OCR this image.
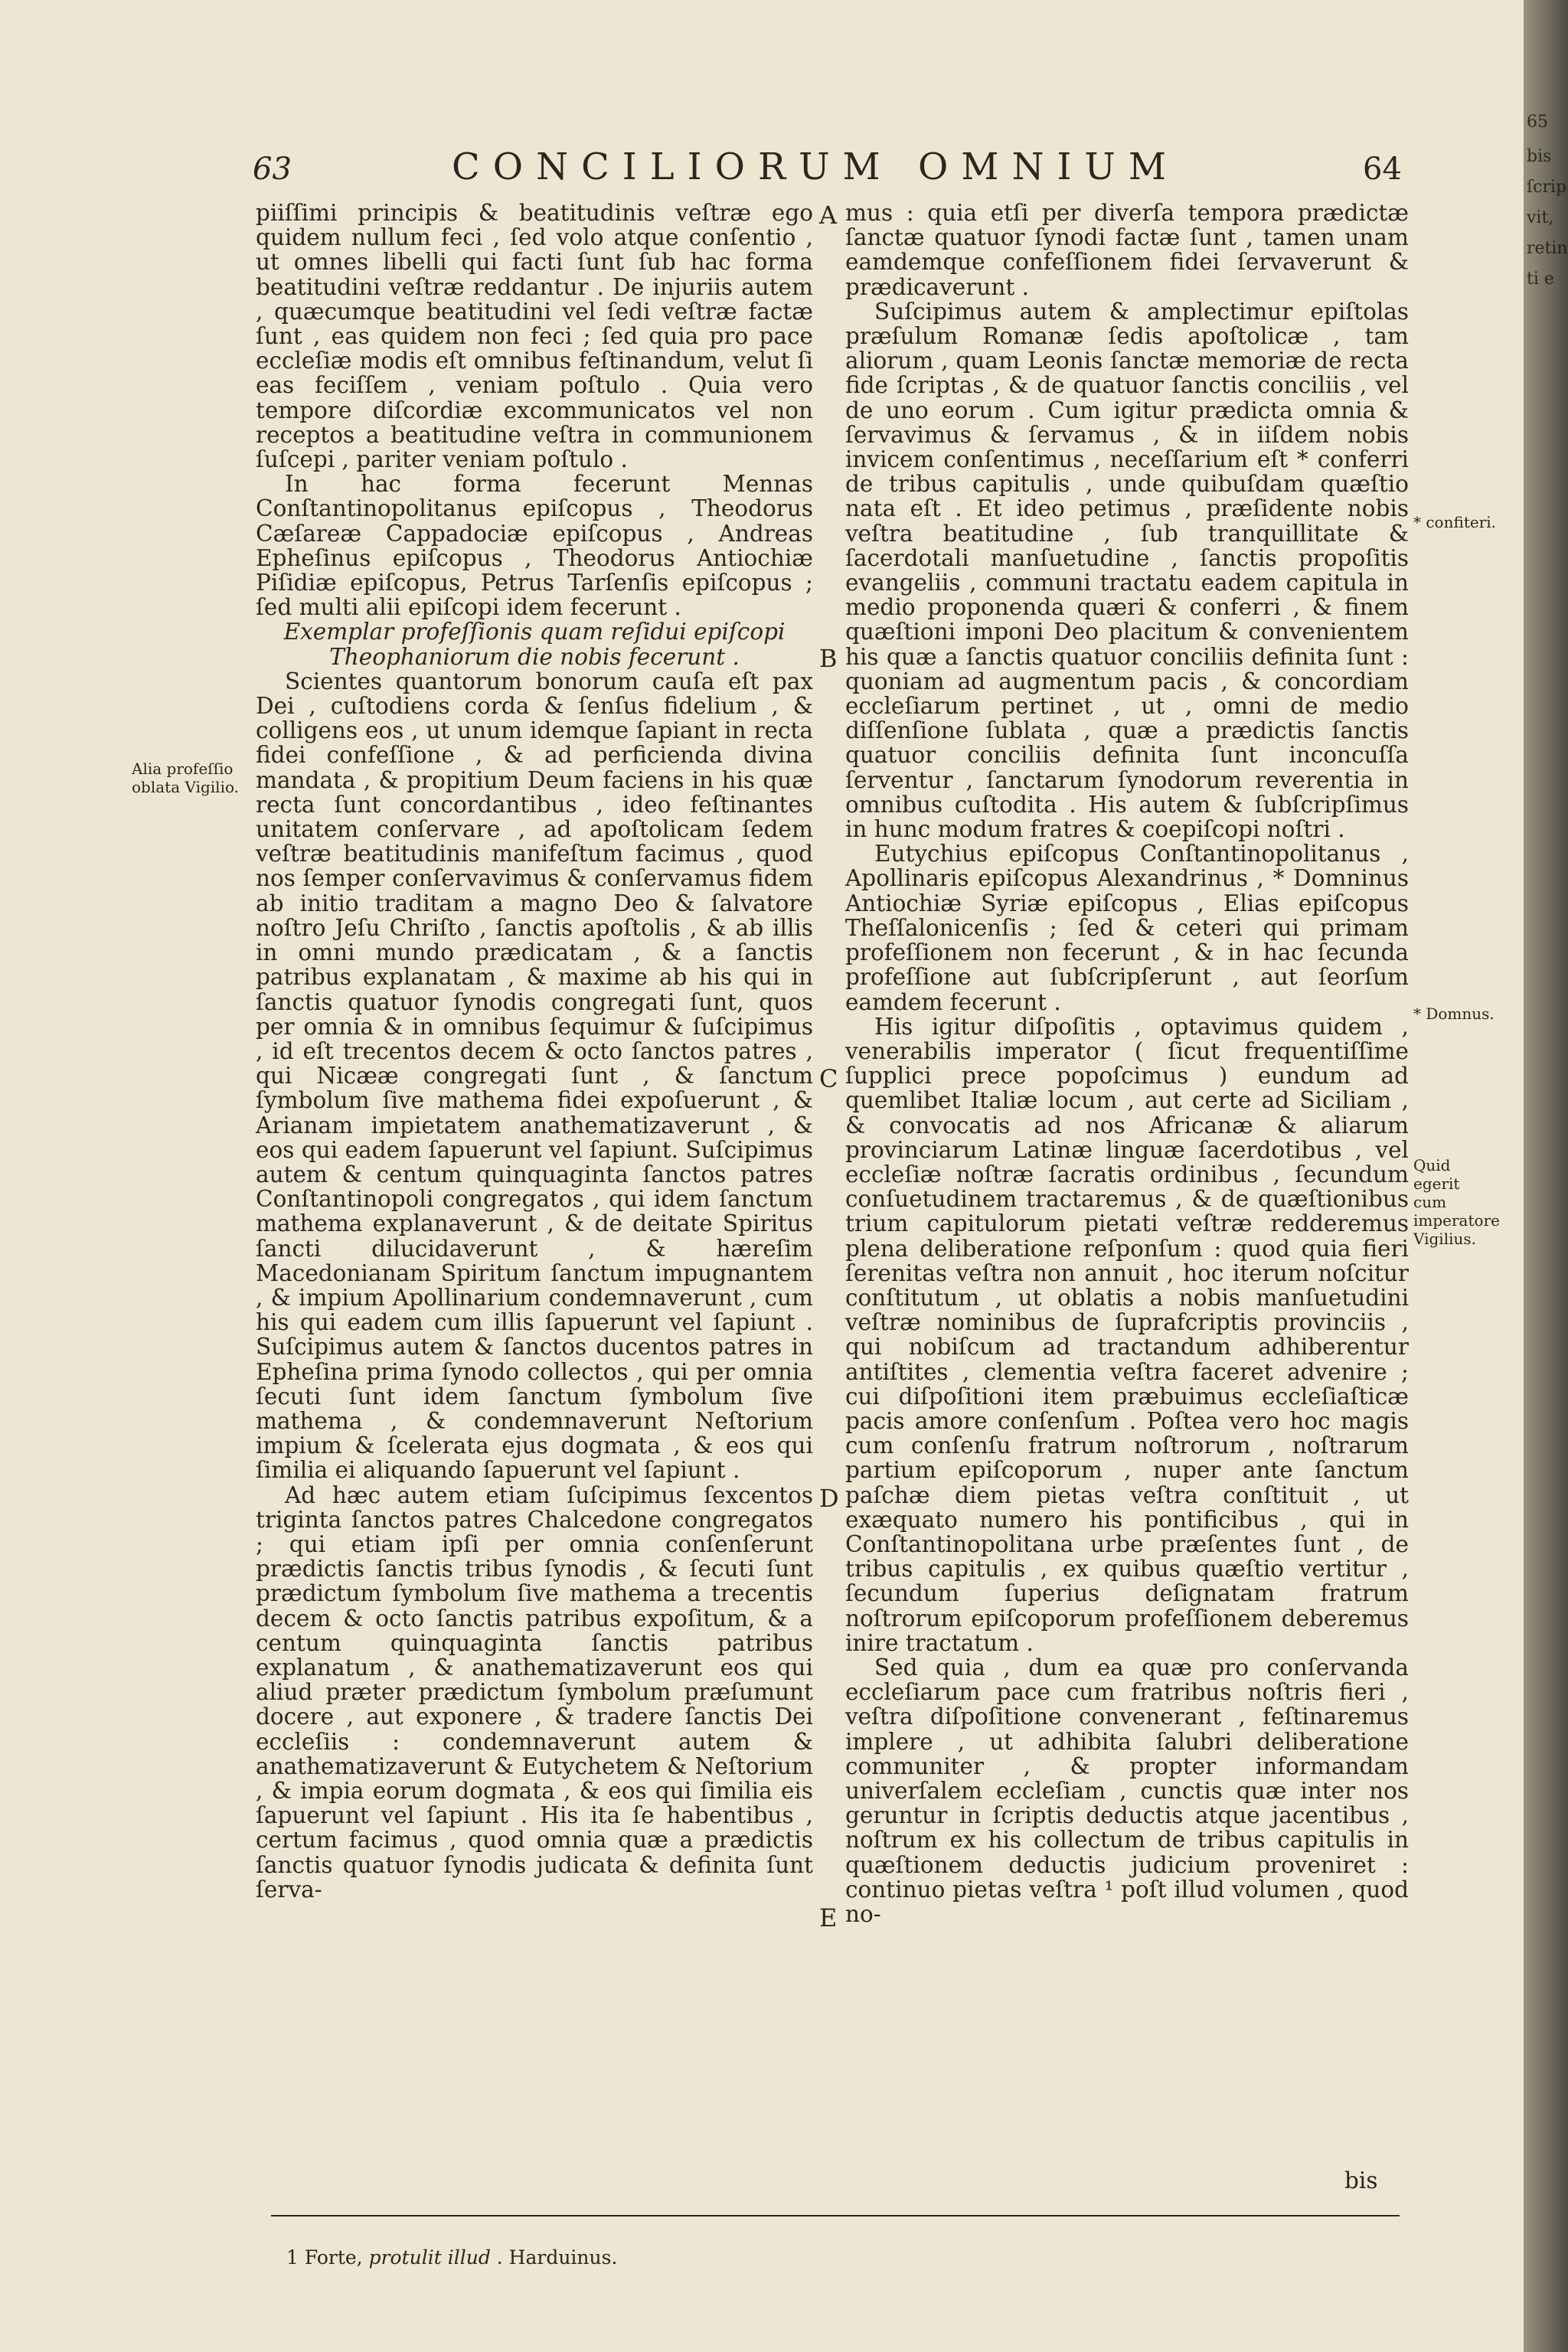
63	CONCILIORUM OMNIUM	64

piiſſimi principis & beatitudinis veſtræ ego quidem nullum feci , ſed volo atque conſentio , ut omnes libelli qui facti ſunt ſub hac forma beatitudini veſtræ reddantur . De injuriis autem , quæcumque beatitudini vel ſedi veſtræ factæ ſunt , eas quidem non feci ; ſed quia pro pace eccleſiæ modis eſt omnibus feſtinandum, velut ſi eas feciſſem , veniam poſtulo . Quia vero tempore diſcordiæ excommunicatos vel non receptos a beatitudine veſtra in communionem ſuſcepi , pariter veniam poſtulo .

In hac forma fecerunt Mennas Conſtantinopolitanus epiſcopus , Theodorus Cæſareæ Cappadociæ epiſcopus , Andreas Epheſinus epiſcopus , Theodorus Antiochiæ Piſidiæ epiſcopus, Petrus Tarſenſis epiſcopus ; ſed multi alii epiſcopi idem fecerunt .

Exemplar profeſſionis quam reſidui epiſcopi Theophaniorum die nobis fecerunt .

Scientes quantorum bonorum cauſa eſt pax Dei , cuſtodiens corda & ſenſus fidelium , & colligens eos , ut unum idemque ſapiant in recta fidei confeſſione , & ad perficienda divina mandata , & propitium Deum faciens in his quæ recta ſunt concordantibus , ideo feſtinantes unitatem conſervare , ad apoſtolicam ſedem veſtræ beatitudinis manifeſtum facimus , quod nos ſemper conſervavimus & conſervamus fidem ab initio traditam a magno Deo & ſalvatore noſtro Jeſu Chriſto , ſanctis apoſtolis , & ab illis in omni mundo prædicatam , & a ſanctis patribus explanatam , & maxime ab his qui in ſanctis quatuor ſynodis congregati ſunt, quos per omnia & in omnibus ſequimur & ſuſcipimus , id eſt trecentos decem & octo ſanctos patres , qui Nicææ congregati ſunt , & ſanctum ſymbolum ſive mathema fidei expoſuerunt , & Arianam impietatem anathematizaverunt , & eos qui eadem ſapuerunt vel ſapiunt. Suſcipimus autem & centum quinquaginta ſanctos patres Conſtantinopoli congregatos , qui idem ſanctum mathema explanaverunt , & de deitate Spiritus ſancti dilucidaverunt , & hæreſim Macedonianam Spiritum ſanctum impugnantem , & impium Apollinarium condemnaverunt , cum his qui eadem cum illis ſapuerunt vel ſapiunt . Suſcipimus autem & ſanctos ducentos patres in Epheſina prima ſynodo collectos , qui per omnia ſecuti ſunt idem ſanctum ſymbolum ſive mathema , & condemnaverunt Neſtorium impium & ſcelerata ejus dogmata , & eos qui ſimilia ei aliquando ſapuerunt vel ſapiunt .

Ad hæc autem etiam ſuſcipimus ſexcentos triginta ſanctos patres Chalcedone congregatos ; qui etiam ipſi per omnia conſenſerunt prædictis ſanctis tribus ſynodis , & ſecuti ſunt prædictum ſymbolum ſive mathema a trecentis decem & octo ſanctis patribus expoſitum, & a centum quinquaginta ſanctis patribus explanatum , & anathematizaverunt eos qui aliud præter prædictum ſymbolum præſumunt docere , aut exponere , & tradere ſanctis Dei eccleſiis : condemnaverunt autem & anathematizaverunt & Eutychetem & Neſtorium , & impia eorum dogmata , & eos qui ſimilia eis ſapuerunt vel ſapiunt . His ita ſe habentibus , certum facimus , quod omnia quæ a prædictis ſanctis quatuor ſynodis judicata & definita ſunt ſerva-

mus : quia etſi per diverſa tempora prædictæ ſanctæ quatuor ſynodi factæ ſunt , tamen unam eamdemque confeſſionem fidei ſervaverunt & prædicaverunt .

Suſcipimus autem & amplectimur epiſtolas præſulum Romanæ ſedis apoſtolicæ , tam aliorum , quam Leonis ſanctæ memoriæ de recta fide ſcriptas , & de quatuor ſanctis conciliis , vel de uno eorum . Cum igitur prædicta omnia & ſervavimus & ſervamus , & in iiſdem nobis invicem conſentimus , neceſſarium eſt * conferri de tribus capitulis , unde quibuſdam quæſtio nata eſt . Et ideo petimus , præſidente nobis veſtra beatitudine , ſub tranquillitate & ſacerdotali manſuetudine , ſanctis propoſitis evangeliis , communi tractatu eadem capitula in medio proponenda quæri & conferri , & finem quæſtioni imponi Deo placitum & convenientem his quæ a ſanctis quatuor conciliis definita ſunt : quoniam ad augmentum pacis , & concordiam eccleſiarum pertinet , ut , omni de medio diſſenſione ſublata , quæ a prædictis ſanctis quatuor conciliis definita ſunt inconcuſſa ſerventur , ſanctarum ſynodorum reverentia in omnibus cuſtodita . His autem & ſubſcripſimus in hunc modum fratres & coepiſcopi noſtri .

Eutychius epiſcopus Conſtantinopolitanus , Apollinaris epiſcopus Alexandrinus , * Domninus Antiochiæ Syriæ epiſcopus , Elias epiſcopus Theſſalonicenſis ; ſed & ceteri qui primam profeſſionem non fecerunt , & in hac ſecunda profeſſione aut ſubſcripſerunt , aut ſeorſum eamdem fecerunt .

His igitur diſpoſitis , optavimus quidem , venerabilis imperator ( ſicut frequentiſſime ſupplici prece popoſcimus ) eundum ad quemlibet Italiæ locum , aut certe ad Siciliam , & convocatis ad nos Africanæ & aliarum provinciarum Latinæ linguæ ſacerdotibus , vel eccleſiæ noſtræ ſacratis ordinibus , ſecundum conſuetudinem tractaremus , & de quæſtionibus trium capitulorum pietati veſtræ redderemus plena deliberatione reſponſum : quod quia fieri ſerenitas veſtra non annuit , hoc iterum noſcitur conſtitutum , ut oblatis a nobis manſuetudini veſtræ nominibus de ſuprafcriptis provinciis , qui nobiſcum ad tractandum adhiberentur antiſtites , clementia veſtra faceret advenire ; cui diſpoſitioni item præbuimus eccleſiaſticæ pacis amore conſenſum . Poſtea vero hoc magis cum conſenſu fratrum noſtrorum , noſtrarum partium epiſcoporum , nuper ante ſanctum paſchæ diem pietas veſtra conſtituit , ut exæquato numero his pontificibus , qui in Conſtantinopolitana urbe præſentes ſunt , de tribus capitulis , ex quibus quæſtio vertitur , ſecundum ſuperius deſignatam fratrum noſtrorum epiſcoporum profeſſionem deberemus inire tractatum .

Sed quia , dum ea quæ pro conſervanda eccleſiarum pace cum fratribus noſtris fieri , veſtra diſpoſitione convenerant , feſtinaremus implere , ut adhibita ſalubri deliberatione communiter , & propter informandam univerſalem eccleſiam , cunctis quæ inter nos geruntur in ſcriptis deductis atque jacentibus , noſtrum ex his collectum de tribus capitulis in quæſtionem deductis judicium proveniret : continuo pietas veſtra ¹ poſt illud volumen , quod no-

bis
A
B
C
D
E
Alia profeſſio oblata Vigilio.
* confiteri.
* Domnus.
Quid egerit cum imperatore Vigilius.
1 Forte, protulit illud . Harduinus.
65
bis
ſcrip
vit,
retin
ti e
